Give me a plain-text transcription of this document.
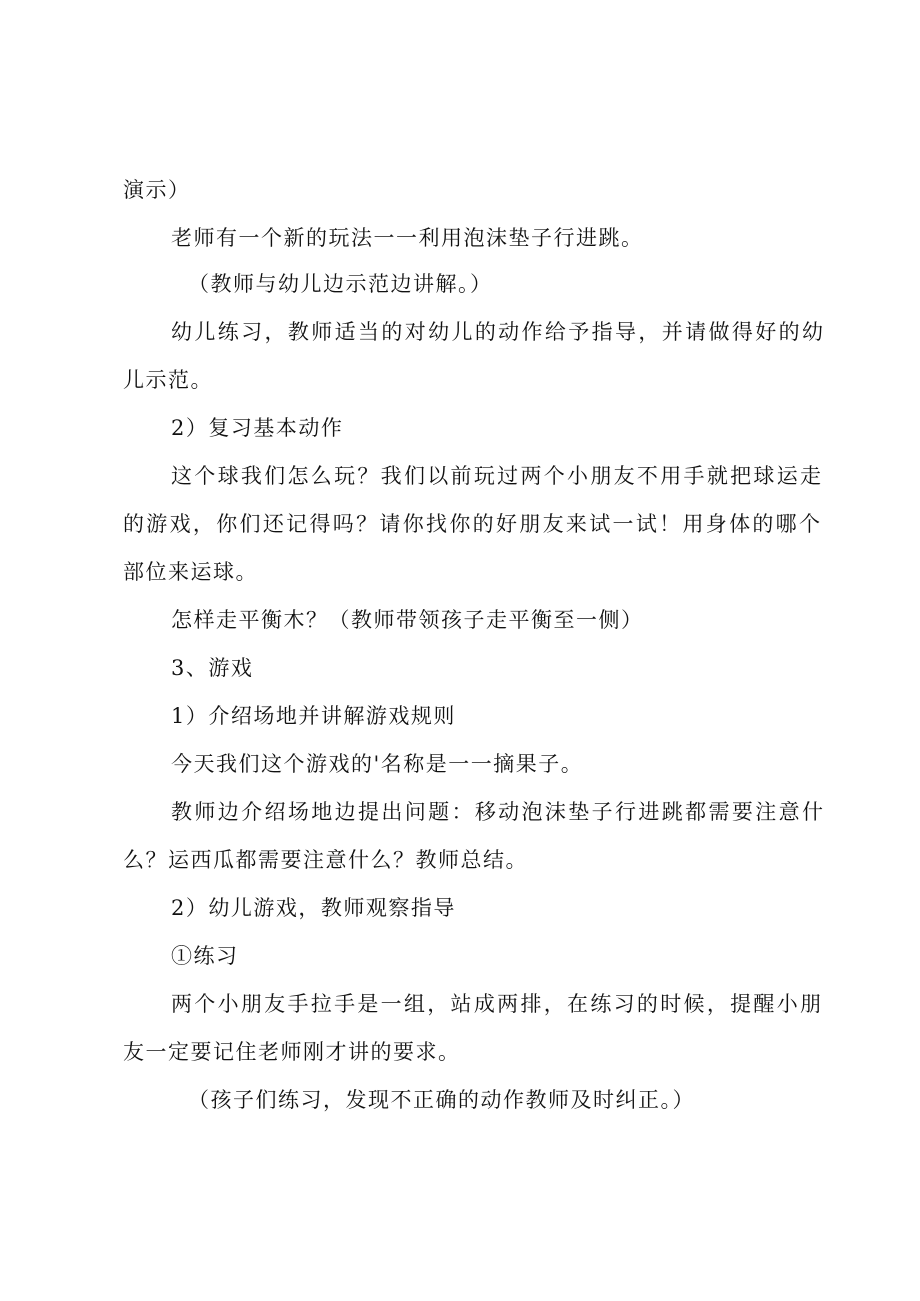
演示）
老师有一个新的玩法一一利用泡沫垫子行进跳。
（教师与幼儿边示范边讲解。）
幼儿练习，教师适当的对幼儿的动作给予指导，并请做得好的幼
儿示范。
2）复习基本动作
这个球我们怎么玩？我们以前玩过两个小朋友不用手就把球运走
的游戏，你们还记得吗？请你找你的好朋友来试一试！用身体的哪个
部位来运球。
怎样走平衡木？（教师带领孩子走平衡至一侧）
3、游戏
1）介绍场地并讲解游戏规则
今天我们这个游戏的'名称是一一摘果子。
教师边介绍场地边提出问题：移动泡沫垫子行进跳都需要注意什
么？运西瓜都需要注意什么？教师总结。
2）幼儿游戏，教师观察指导
①练习
两个小朋友手拉手是一组，站成两排，在练习的时候，提醒小朋
友一定要记住老师刚才讲的要求。
（孩子们练习，发现不正确的动作教师及时纠正。）
